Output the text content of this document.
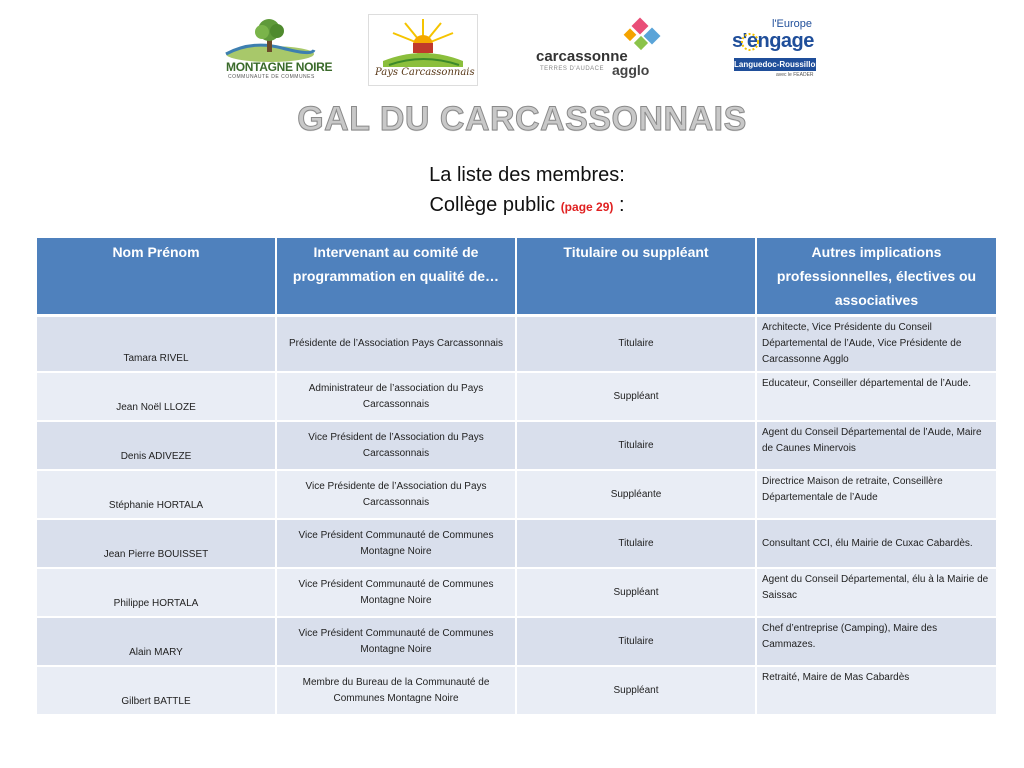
MONTAGNE NOIRE
COMMUNAUTE DE COMMUNES	Pays Carcassonnais
carcassonne
TERRES D'AUDACE agglo
l'Europe
s'engage
Languedoc-Roussillon
avec le FEADER
GAL DU CARCASSONNAIS
La liste des membres:
Collège public (page 29) :
Nom Prénom	Intervenant au comité de programmation en qualité de…	Titulaire ou suppléant	Autres implications professionnelles, électives ou associatives
Tamara RIVEL	Présidente de l’Association Pays Carcassonnais	Titulaire	Architecte, Vice Présidente du Conseil Départemental de l’Aude, Vice Présidente de Carcassonne Agglo
Jean Noël LLOZE	Administrateur de l’association du Pays Carcassonnais	Suppléant	Educateur, Conseiller départemental de l’Aude.
Denis ADIVEZE	Vice Président de l’Association du Pays Carcassonnais	Titulaire	Agent du Conseil Départemental de l’Aude, Maire de Caunes Minervois
Stéphanie HORTALA	Vice Présidente de l’Association du Pays Carcassonnais	Suppléante	Directrice Maison de retraite, Conseillère Départementale de l’Aude
Jean Pierre BOUISSET	Vice Président Communauté de Communes Montagne Noire	Titulaire	Consultant CCI, élu Mairie de Cuxac Cabardès.
Philippe HORTALA	Vice Président Communauté de Communes Montagne Noire	Suppléant	Agent du Conseil Départemental, élu à la Mairie de Saissac
Alain MARY	Vice Président Communauté de Communes Montagne Noire	Titulaire	Chef d’entreprise (Camping), Maire des Cammazes.
Gilbert BATTLE	Membre du Bureau de la Communauté de Communes Montagne Noire	Suppléant	Retraité, Maire de Mas Cabardès
